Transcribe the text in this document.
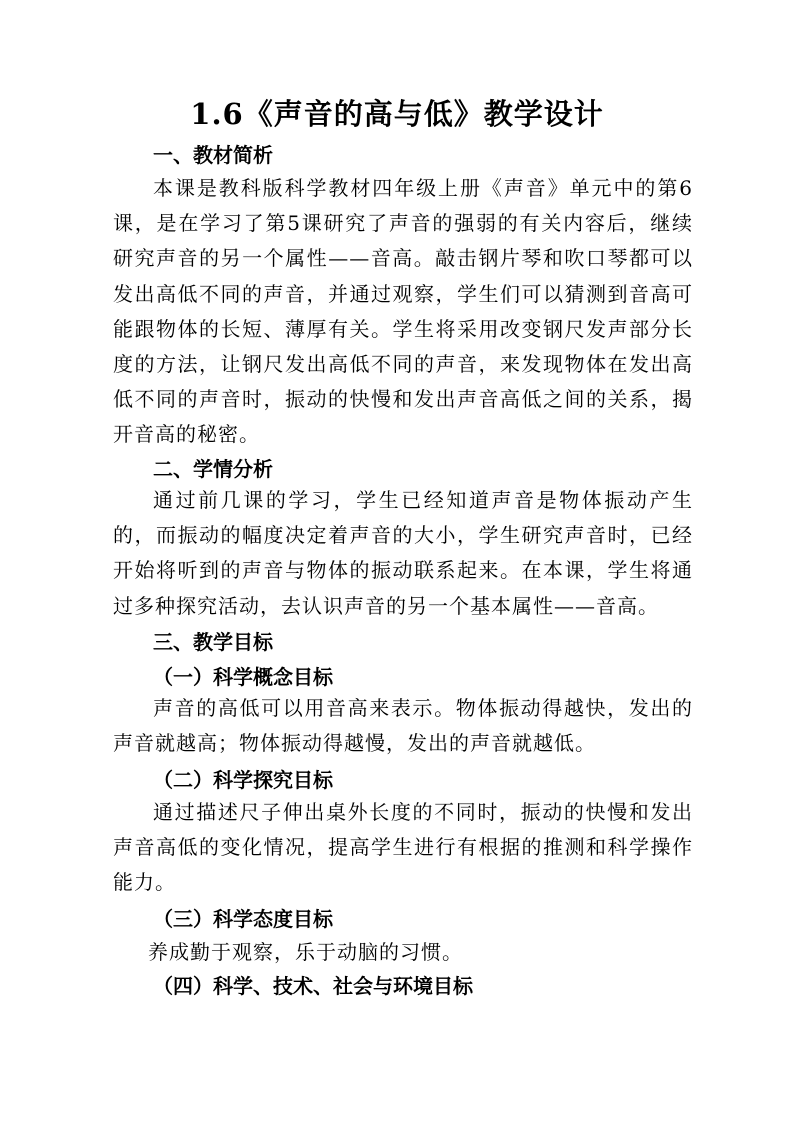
1.6《声音的高与低》教学设计
一、教材简析

本课是教科版科学教材四年级上册《声音》单元中的第6课，是在学习了第5课研究了声音的强弱的有关内容后，继续研究声音的另一个属性——音高。敲击钢片琴和吹口琴都可以发出高低不同的声音，并通过观察，学生们可以猜测到音高可能跟物体的长短、薄厚有关。学生将采用改变钢尺发声部分长度的方法，让钢尺发出高低不同的声音，来发现物体在发出高低不同的声音时，振动的快慢和发出声音高低之间的关系，揭开音高的秘密。

二、学情分析

通过前几课的学习，学生已经知道声音是物体振动产生的，而振动的幅度决定着声音的大小，学生研究声音时，已经开始将听到的声音与物体的振动联系起来。在本课，学生将通过多种探究活动，去认识声音的另一个基本属性——音高。

三、教学目标
（一）科学概念目标

声音的高低可以用音高来表示。物体振动得越快，发出的声音就越高；物体振动得越慢，发出的声音就越低。

（二）科学探究目标

通过描述尺子伸出桌外长度的不同时，振动的快慢和发出声音高低的变化情况，提高学生进行有根据的推测和科学操作能力。

（三）科学态度目标
养成勤于观察，乐于动脑的习惯。
（四）科学、技术、社会与环境目标
